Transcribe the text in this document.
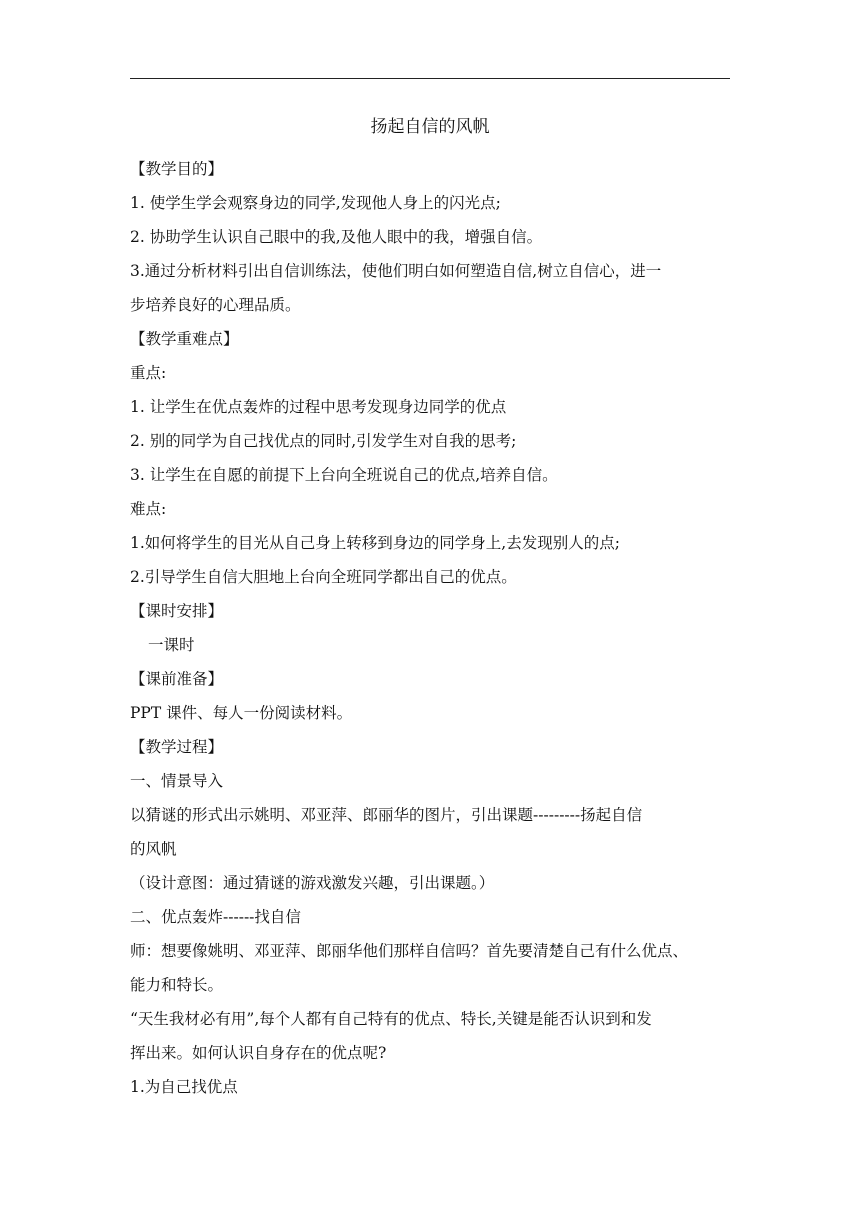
扬起自信的风帆
【教学目的】
1. 使学生学会观察身边的同学,发现他人身上的闪光点;
2. 协助学生认识自己眼中的我,及他人眼中的我，增强自信。
3.通过分析材料引出自信训练法，使他们明白如何塑造自信,树立自信心，进一
步培养良好的心理品质。
【教学重难点】
重点:
1. 让学生在优点轰炸的过程中思考发现身边同学的优点
2. 别的同学为自己找优点的同时,引发学生对自我的思考;
3. 让学生在自愿的前提下上台向全班说自己的优点,培养自信。
难点:
1.如何将学生的目光从自己身上转移到身边的同学身上,去发现别人的点;
2.引导学生自信大胆地上台向全班同学都出自己的优点。
【课时安排】
一课时
【课前准备】
PPT 课件、每人一份阅读材料。
【教学过程】
一、情景导入
以猜谜的形式出示姚明、邓亚萍、郎丽华的图片，引出课题---------扬起自信
的风帆
（设计意图：通过猜谜的游戏激发兴趣，引出课题。）
二、优点轰炸------找自信
师：想要像姚明、邓亚萍、郎丽华他们那样自信吗？首先要清楚自己有什么优点、
能力和特长。
“天生我材必有用”,每个人都有自己特有的优点、特长,关键是能否认识到和发
挥出来。如何认识自身存在的优点呢?
1.为自己找优点
